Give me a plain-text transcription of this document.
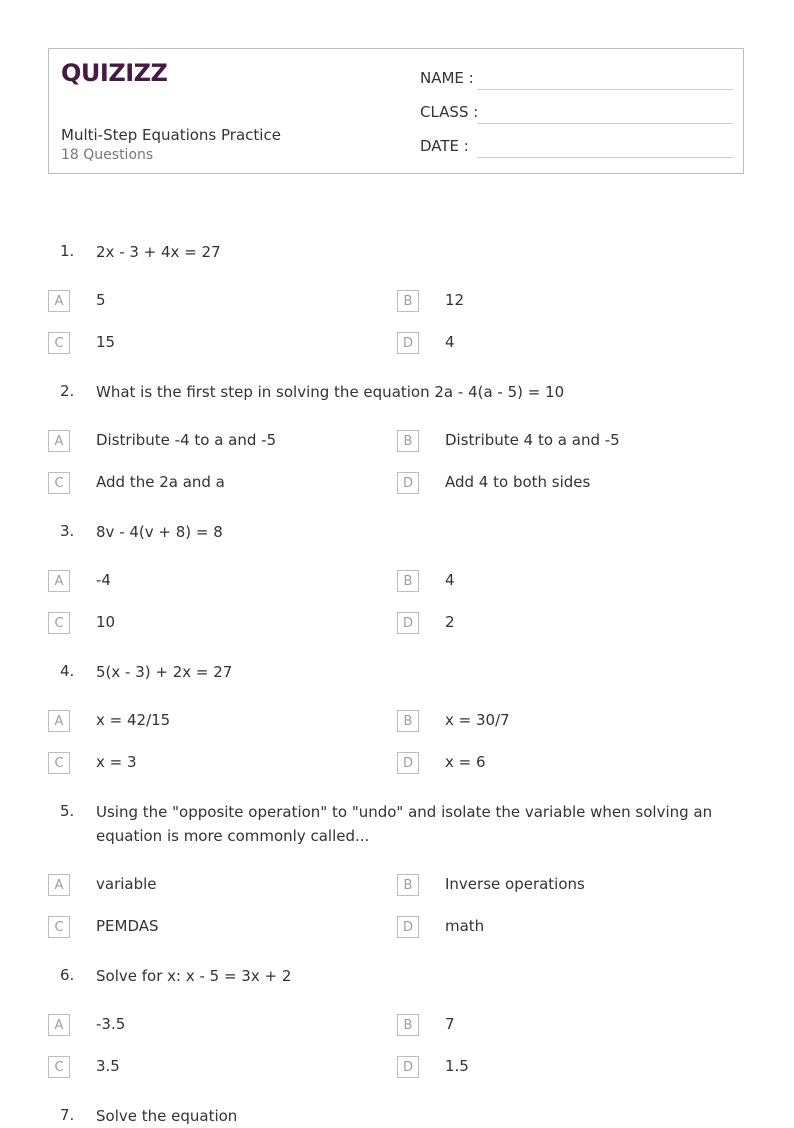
QUIZIZZ
Multi-Step Equations Practice
18 Questions
NAME :
CLASS :
DATE :
1. 2x - 3 + 4x = 27
A	5	B	12
C	15	D	4
2. What is the first step in solving the equation 2a - 4(a - 5) = 10
A	Distribute -4 to a and -5	B	Distribute 4 to a and -5
C	Add the 2a and a	D	Add 4 to both sides
3. 8v - 4(v + 8) = 8
A	-4	B	4
C	10	D	2
4. 5(x - 3) + 2x = 27
A	x = 42/15	B	x = 30/7
C	x = 3	D	x = 6
5. Using the "opposite operation" to "undo" and isolate the variable when solving an equation is more commonly called...
A	variable	B	Inverse operations
C	PEMDAS	D	math
6. Solve for x: x - 5 = 3x + 2
A	-3.5	B	7
C	3.5	D	1.5
7. Solve the equation
